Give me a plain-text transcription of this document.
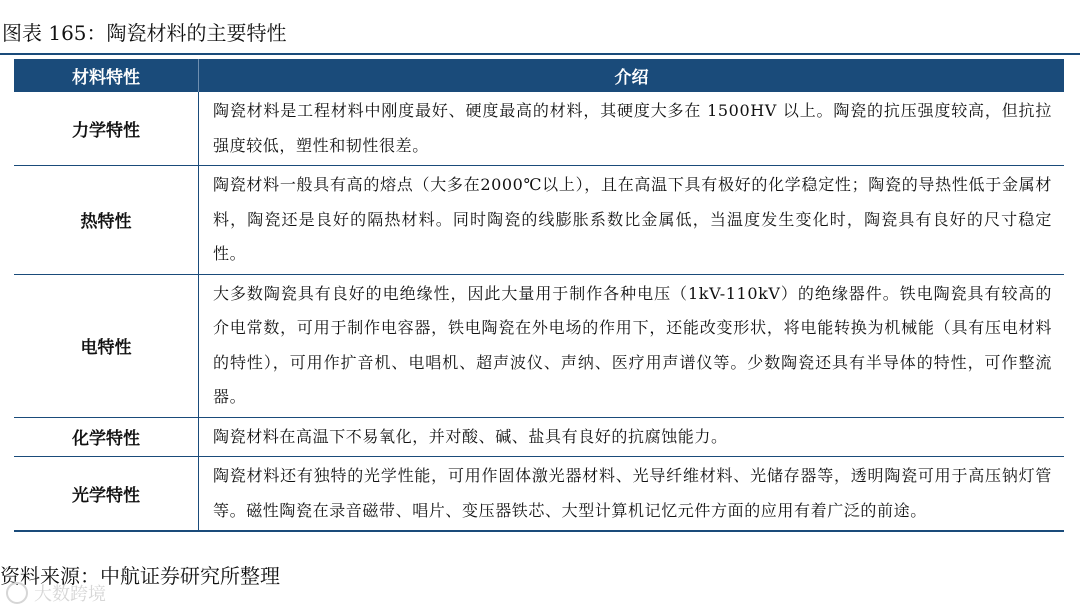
图表 165：陶瓷材料的主要特性
材料特性	介绍
力学特性	陶瓷材料是工程材料中刚度最好、硬度最高的材料，其硬度大多在 1500HV 以上。陶瓷的抗压强度较高，但抗拉强度较低，塑性和韧性很差。
热特性	陶瓷材料一般具有高的熔点（大多在2000℃以上），且在高温下具有极好的化学稳定性；陶瓷的导热性低于金属材料，陶瓷还是良好的隔热材料。同时陶瓷的线膨胀系数比金属低，当温度发生变化时，陶瓷具有良好的尺寸稳定性。
电特性	大多数陶瓷具有良好的电绝缘性，因此大量用于制作各种电压（1kV-110kV）的绝缘器件。铁电陶瓷具有较高的介电常数，可用于制作电容器，铁电陶瓷在外电场的作用下，还能改变形状，将电能转换为机械能（具有压电材料的特性），可用作扩音机、电唱机、超声波仪、声纳、医疗用声谱仪等。少数陶瓷还具有半导体的特性，可作整流器。
化学特性	陶瓷材料在高温下不易氧化，并对酸、碱、盐具有良好的抗腐蚀能力。
光学特性	陶瓷材料还有独特的光学性能，可用作固体激光器材料、光导纤维材料、光储存器等，透明陶瓷可用于高压钠灯管等。磁性陶瓷在录音磁带、唱片、变压器铁芯、大型计算机记忆元件方面的应用有着广泛的前途。
资料来源：中航证券研究所整理
大数跨境
